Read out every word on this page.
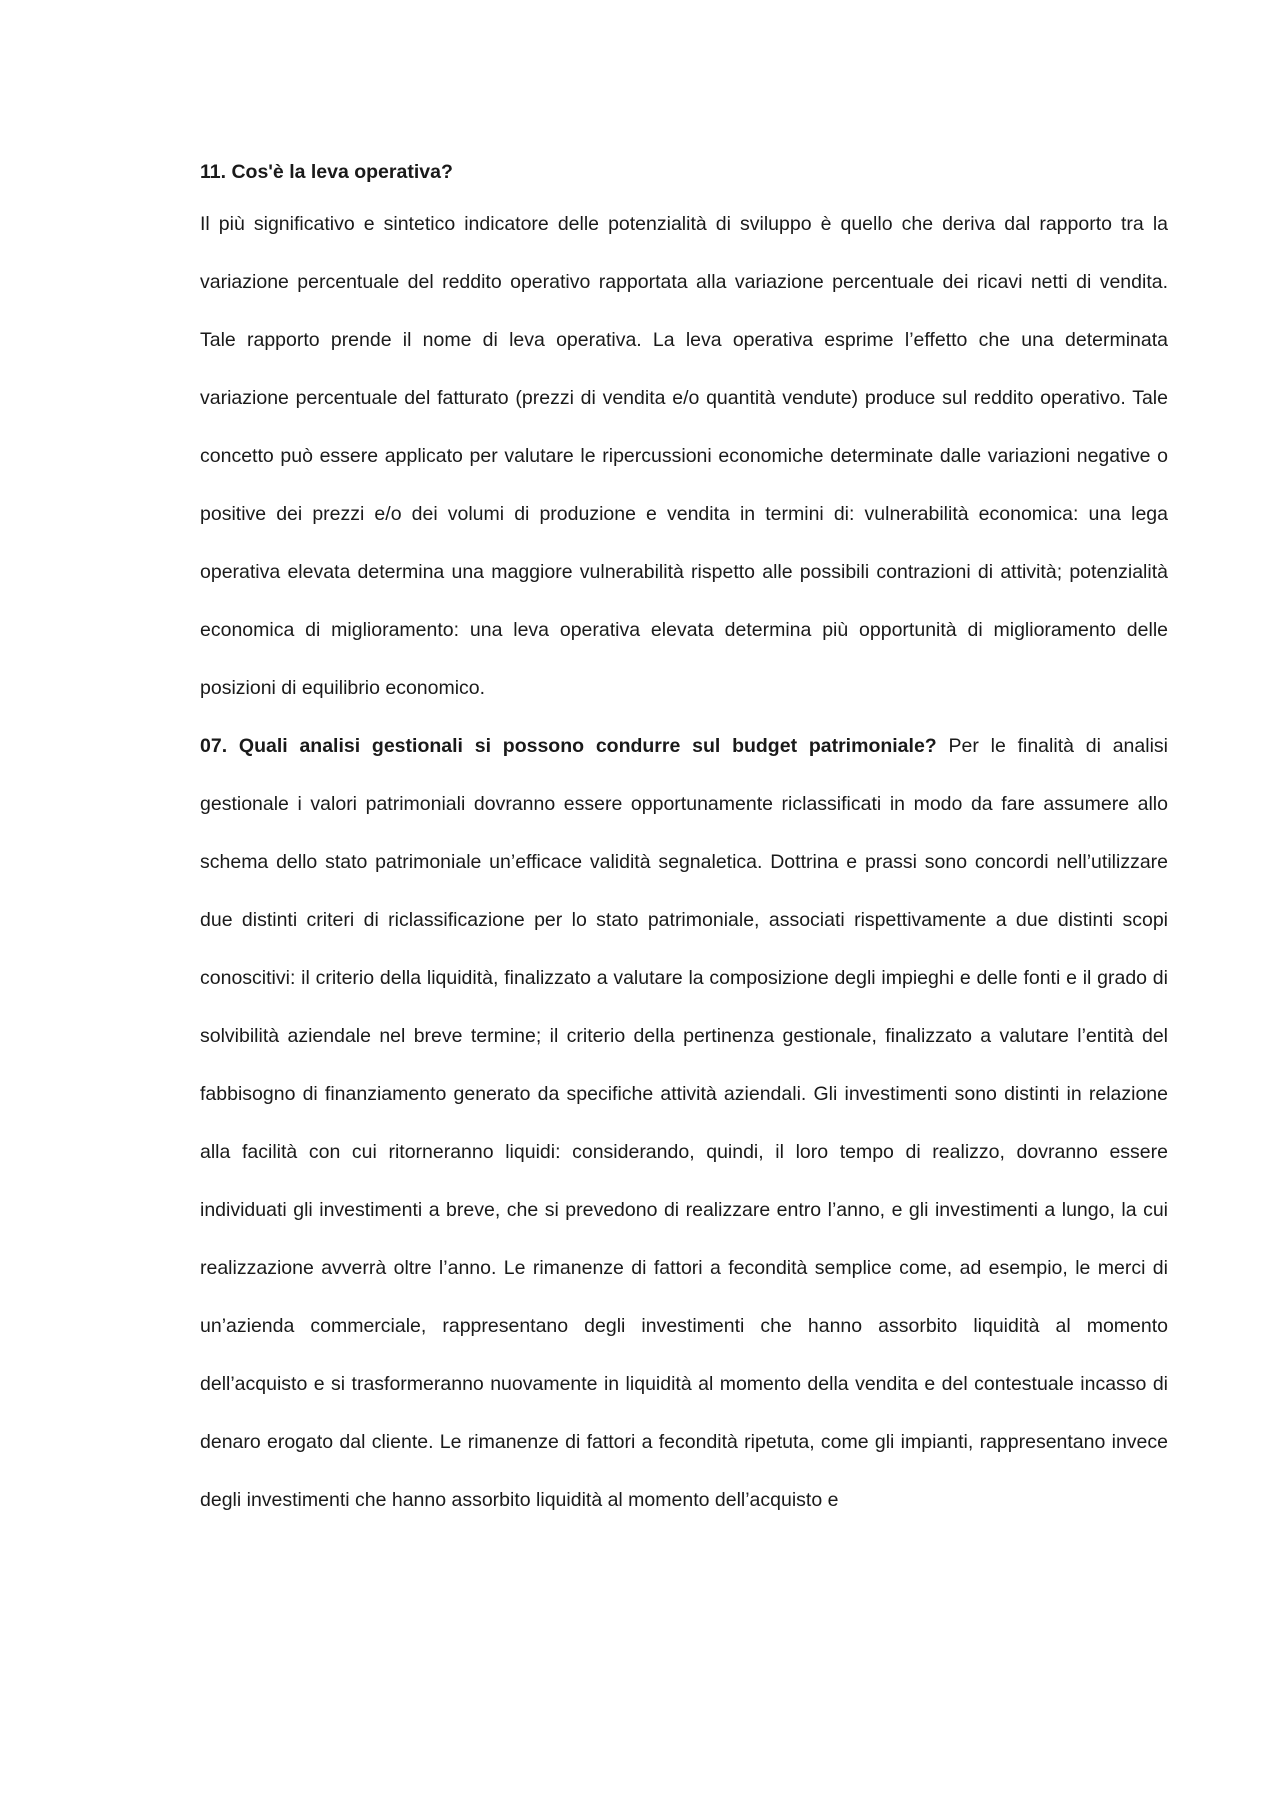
11. Cos'è la leva operativa?

Il più significativo e sintetico indicatore delle potenzialità di sviluppo è quello che deriva dal rapporto tra la variazione percentuale del reddito operativo rapportata alla variazione percentuale dei ricavi netti di vendita. Tale rapporto prende il nome di leva operativa. La leva operativa esprime l’effetto che una determinata variazione percentuale del fatturato (prezzi di vendita e/o quantità vendute) produce sul reddito operativo. Tale concetto può essere applicato per valutare le ripercussioni economiche determinate dalle variazioni negative o positive dei prezzi e/o dei volumi di produzione e vendita in termini di: vulnerabilità economica: una lega operativa elevata determina una maggiore vulnerabilità rispetto alle possibili contrazioni di attività; potenzialità economica di miglioramento: una leva operativa elevata determina più opportunità di miglioramento delle posizioni di equilibrio economico.

07. Quali analisi gestionali si possono condurre sul budget patrimoniale? Per le finalità di analisi gestionale i valori patrimoniali dovranno essere opportunamente riclassificati in modo da fare assumere allo schema dello stato patrimoniale un’efficace validità segnaletica. Dottrina e prassi sono concordi nell’utilizzare due distinti criteri di riclassificazione per lo stato patrimoniale, associati rispettivamente a due distinti scopi conoscitivi: il criterio della liquidità, finalizzato a valutare la composizione degli impieghi e delle fonti e il grado di solvibilità aziendale nel breve termine; il criterio della pertinenza gestionale, finalizzato a valutare l’entità del fabbisogno di finanziamento generato da specifiche attività aziendali. Gli investimenti sono distinti in relazione alla facilità con cui ritorneranno liquidi: considerando, quindi, il loro tempo di realizzo, dovranno essere individuati gli investimenti a breve, che si prevedono di realizzare entro l’anno, e gli investimenti a lungo, la cui realizzazione avverrà oltre l’anno. Le rimanenze di fattori a fecondità semplice come, ad esempio, le merci di un’azienda commerciale, rappresentano degli investimenti che hanno assorbito liquidità al momento dell’acquisto e si trasformeranno nuovamente in liquidità al momento della vendita e del contestuale incasso di denaro erogato dal cliente. Le rimanenze di fattori a fecondità ripetuta, come gli impianti, rappresentano invece degli investimenti che hanno assorbito liquidità al momento dell’acquisto e
